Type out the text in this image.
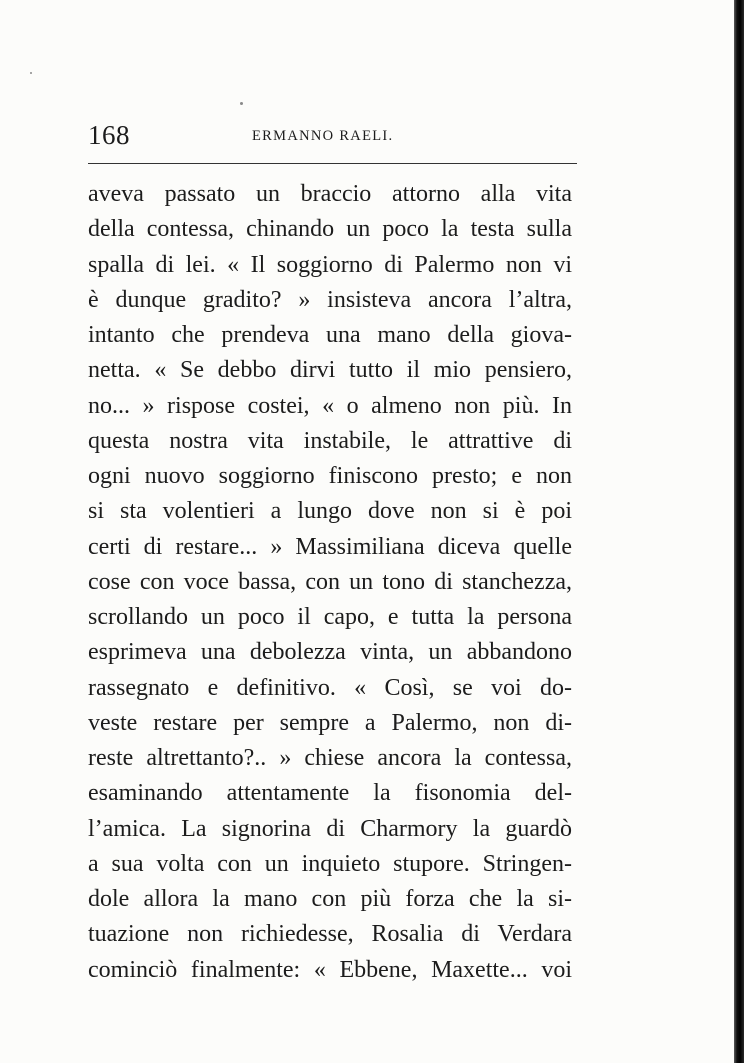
168	ERMANNO RAELI.
aveva passato un braccio attorno alla vita
della contessa, chinando un poco la testa sulla
spalla di lei. « Il soggiorno di Palermo non vi
è dunque gradito? » insisteva ancora l’altra,
intanto che prendeva una mano della giova-
netta. « Se debbo dirvi tutto il mio pensiero,
no... » rispose costei, « o almeno non più. In
questa nostra vita instabile, le attrattive di
ogni nuovo soggiorno finiscono presto; e non
si sta volentieri a lungo dove non si è poi
certi di restare... » Massimiliana diceva quelle
cose con voce bassa, con un tono di stanchezza,
scrollando un poco il capo, e tutta la persona
esprimeva una debolezza vinta, un abbandono
rassegnato e definitivo. « Così, se voi do-
veste restare per sempre a Palermo, non di-
reste altrettanto?.. » chiese ancora la contessa,
esaminando attentamente la fisonomia del-
l’amica. La signorina di Charmory la guardò
a sua volta con un inquieto stupore. Stringen-
dole allora la mano con più forza che la si-
tuazione non richiedesse, Rosalia di Verdara
cominciò finalmente: « Ebbene, Maxette... voi
